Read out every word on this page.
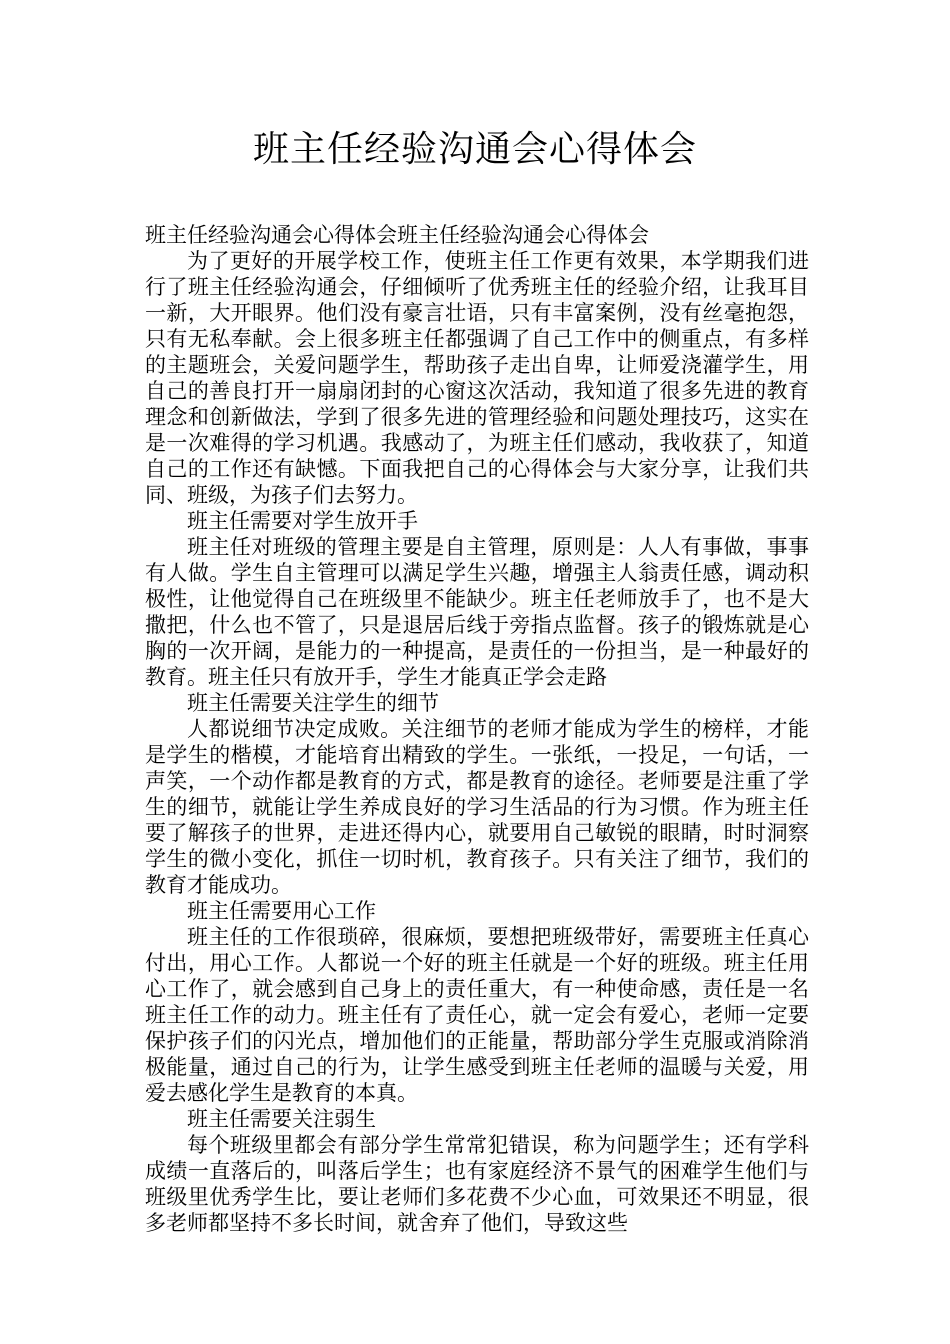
班主任经验沟通会心得体会

班主任经验沟通会心得体会班主任经验沟通会心得体会

为了更好的开展学校工作，使班主任工作更有效果，本学期我们进行了班主任经验沟通会，仔细倾听了优秀班主任的经验介绍，让我耳目一新，大开眼界。他们没有豪言壮语，只有丰富案例，没有丝毫抱怨，只有无私奉献。会上很多班主任都强调了自己工作中的侧重点，有多样的主题班会，关爱问题学生，帮助孩子走出自卑，让师爱浇灌学生，用自己的善良打开一扇扇闭封的心窗这次活动，我知道了很多先进的教育理念和创新做法，学到了很多先进的管理经验和问题处理技巧，这实在是一次难得的学习机遇。我感动了，为班主任们感动，我收获了，知道自己的工作还有缺憾。下面我把自己的心得体会与大家分享，让我们共同、班级，为孩子们去努力。

班主任需要对学生放开手

班主任对班级的管理主要是自主管理，原则是：人人有事做，事事有人做。学生自主管理可以满足学生兴趣，增强主人翁责任感，调动积极性，让他觉得自己在班级里不能缺少。班主任老师放手了，也不是大撒把，什么也不管了，只是退居后线于旁指点监督。孩子的锻炼就是心胸的一次开阔，是能力的一种提高，是责任的一份担当，是一种最好的教育。班主任只有放开手，学生才能真正学会走路

班主任需要关注学生的细节

人都说细节决定成败。关注细节的老师才能成为学生的榜样，才能是学生的楷模，才能培育出精致的学生。一张纸，一投足，一句话，一声笑，一个动作都是教育的方式，都是教育的途径。老师要是注重了学生的细节，就能让学生养成良好的学习生活品的行为习惯。作为班主任要了解孩子的世界，走进还得内心，就要用自己敏锐的眼睛，时时洞察学生的微小变化，抓住一切时机，教育孩子。只有关注了细节，我们的教育才能成功。

班主任需要用心工作

班主任的工作很琐碎，很麻烦，要想把班级带好，需要班主任真心付出，用心工作。人都说一个好的班主任就是一个好的班级。班主任用心工作了，就会感到自己身上的责任重大，有一种使命感，责任是一名班主任工作的动力。班主任有了责任心，就一定会有爱心，老师一定要保护孩子们的闪光点，增加他们的正能量，帮助部分学生克服或消除消极能量，通过自己的行为，让学生感受到班主任老师的温暖与关爱，用爱去感化学生是教育的本真。

班主任需要关注弱生

每个班级里都会有部分学生常常犯错误，称为问题学生；还有学科成绩一直落后的，叫落后学生；也有家庭经济不景气的困难学生他们与班级里优秀学生比，要让老师们多花费不少心血，可效果还不明显，很多老师都坚持不多长时间，就舍弃了他们，导致这些
